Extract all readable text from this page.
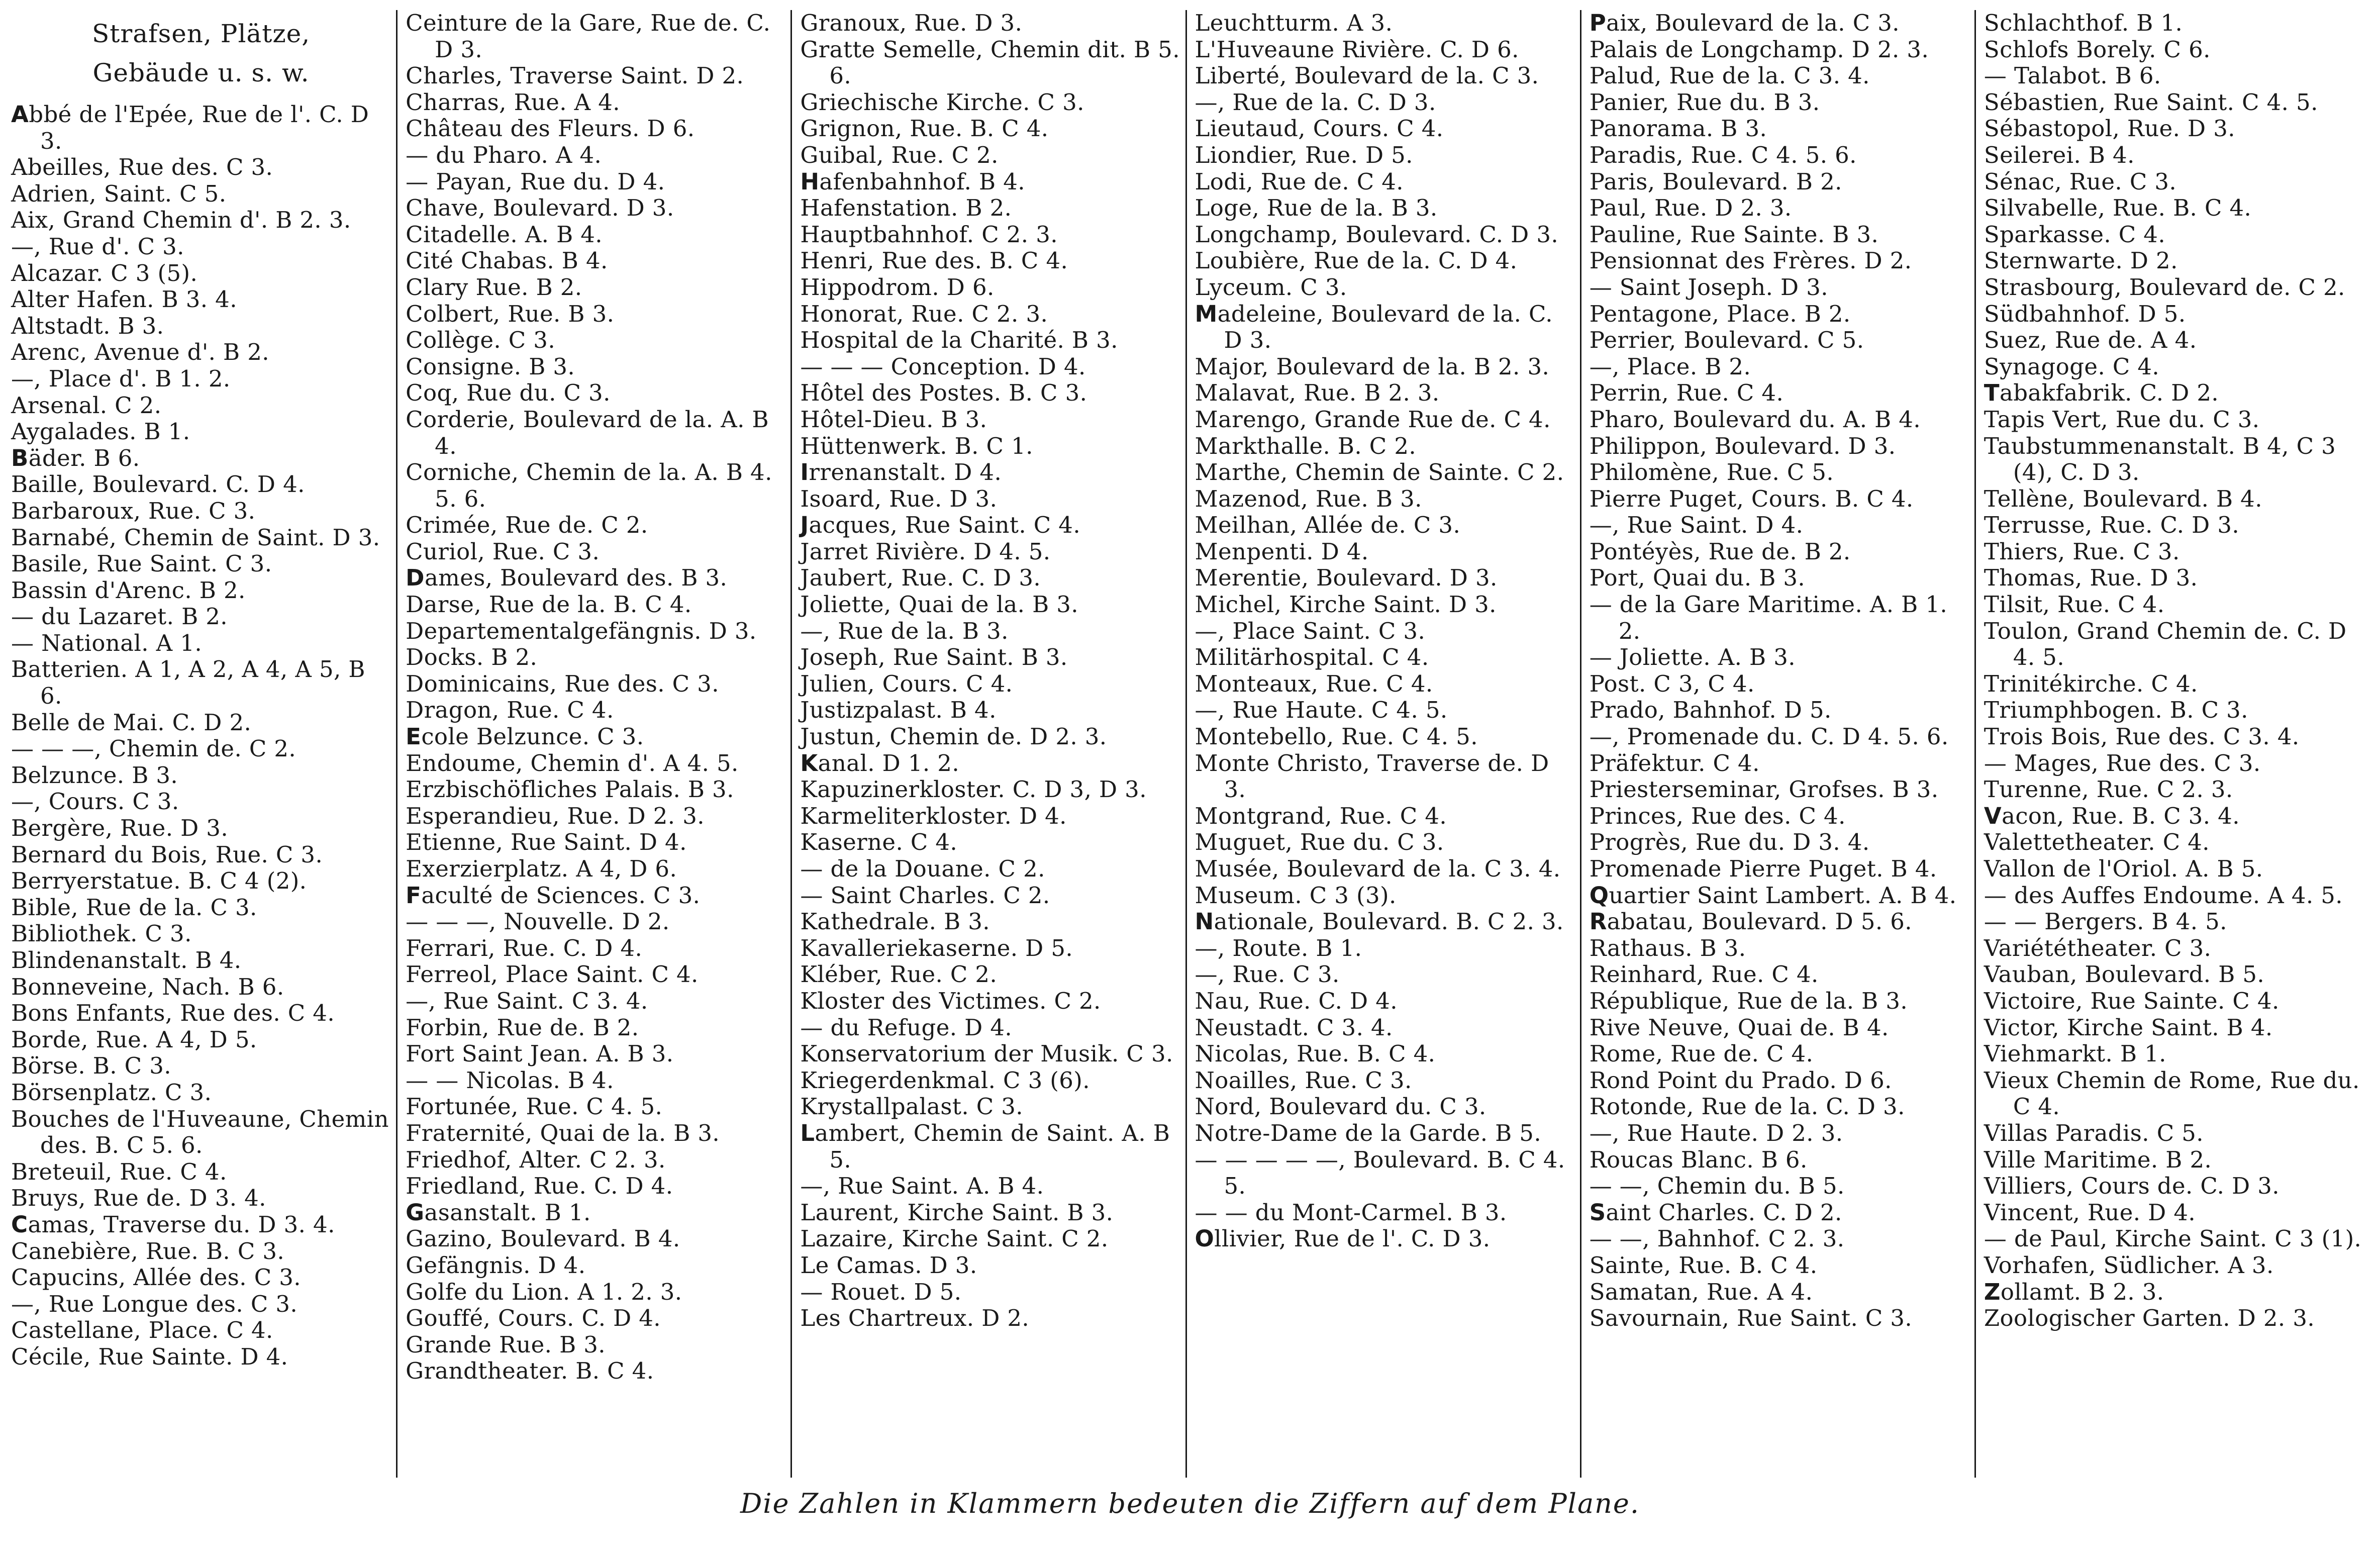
Strafsen, Plätze,
Gebäude u. s. w.
Abbé de l'Epée, Rue de l'. C. D 3.
Abeilles, Rue des. C 3.
Adrien, Saint. C 5.
Aix, Grand Chemin d'. B 2. 3.
—, Rue d'. C 3.
Alcazar. C 3 (5).
Alter Hafen. B 3. 4.
Altstadt. B 3.
Arenc, Avenue d'. B 2.
—, Place d'. B 1. 2.
Arsenal. C 2.
Aygalades. B 1.
Bäder. B 6.
Baille, Boulevard. C. D 4.
Barbaroux, Rue. C 3.
Barnabé, Chemin de Saint. D 3.
Basile, Rue Saint. C 3.
Bassin d'Arenc. B 2.
— du Lazaret. B 2.
— National. A 1.
Batterien. A 1, A 2, A 4, A 5, B 6.
Belle de Mai. C. D 2.
— — —, Chemin de. C 2.
Belzunce. B 3.
—, Cours. C 3.
Bergère, Rue. D 3.
Bernard du Bois, Rue. C 3.
Berryerstatue. B. C 4 (2).
Bible, Rue de la. C 3.
Bibliothek. C 3.
Blindenanstalt. B 4.
Bonneveine, Nach. B 6.
Bons Enfants, Rue des. C 4.
Borde, Rue. A 4, D 5.
Börse. B. C 3.
Börsenplatz. C 3.
Bouches de l'Huveaune, Chemin des. B. C 5. 6.
Breteuil, Rue. C 4.
Bruys, Rue de. D 3. 4.
Camas, Traverse du. D 3. 4.
Canebière, Rue. B. C 3.
Capucins, Allée des. C 3.
—, Rue Longue des. C 3.
Castellane, Place. C 4.
Cécile, Rue Sainte. D 4.
Ceinture de la Gare, Rue de. C. D 3.
Charles, Traverse Saint. D 2.
Charras, Rue. A 4.
Château des Fleurs. D 6.
— du Pharo. A 4.
— Payan, Rue du. D 4.
Chave, Boulevard. D 3.
Citadelle. A. B 4.
Cité Chabas. B 4.
Clary Rue. B 2.
Colbert, Rue. B 3.
Collège. C 3.
Consigne. B 3.
Coq, Rue du. C 3.
Corderie, Boulevard de la. A. B 4.
Corniche, Chemin de la. A. B 4. 5. 6.
Crimée, Rue de. C 2.
Curiol, Rue. C 3.
Dames, Boulevard des. B 3.
Darse, Rue de la. B. C 4.
Departementalgefängnis. D 3.
Docks. B 2.
Dominicains, Rue des. C 3.
Dragon, Rue. C 4.
Ecole Belzunce. C 3.
Endoume, Chemin d'. A 4. 5.
Erzbischöfliches Palais. B 3.
Esperandieu, Rue. D 2. 3.
Etienne, Rue Saint. D 4.
Exerzierplatz. A 4, D 6.
Faculté de Sciences. C 3.
— — —, Nouvelle. D 2.
Ferrari, Rue. C. D 4.
Ferreol, Place Saint. C 4.
—, Rue Saint. C 3. 4.
Forbin, Rue de. B 2.
Fort Saint Jean. A. B 3.
— — Nicolas. B 4.
Fortunée, Rue. C 4. 5.
Fraternité, Quai de la. B 3.
Friedhof, Alter. C 2. 3.
Friedland, Rue. C. D 4.
Gasanstalt. B 1.
Gazino, Boulevard. B 4.
Gefängnis. D 4.
Golfe du Lion. A 1. 2. 3.
Gouffé, Cours. C. D 4.
Grande Rue. B 3.
Grandtheater. B. C 4.
Granoux, Rue. D 3.
Gratte Semelle, Chemin dit. B 5. 6.
Griechische Kirche. C 3.
Grignon, Rue. B. C 4.
Guibal, Rue. C 2.
Hafenbahnhof. B 4.
Hafenstation. B 2.
Hauptbahnhof. C 2. 3.
Henri, Rue des. B. C 4.
Hippodrom. D 6.
Honorat, Rue. C 2. 3.
Hospital de la Charité. B 3.
— — — Conception. D 4.
Hôtel des Postes. B. C 3.
Hôtel-Dieu. B 3.
Hüttenwerk. B. C 1.
Irrenanstalt. D 4.
Isoard, Rue. D 3.
Jacques, Rue Saint. C 4.
Jarret Rivière. D 4. 5.
Jaubert, Rue. C. D 3.
Joliette, Quai de la. B 3.
—, Rue de la. B 3.
Joseph, Rue Saint. B 3.
Julien, Cours. C 4.
Justizpalast. B 4.
Justun, Chemin de. D 2. 3.
Kanal. D 1. 2.
Kapuzinerkloster. C. D 3, D 3.
Karmeliterkloster. D 4.
Kaserne. C 4.
— de la Douane. C 2.
— Saint Charles. C 2.
Kathedrale. B 3.
Kavalleriekaserne. D 5.
Kléber, Rue. C 2.
Kloster des Victimes. C 2.
— du Refuge. D 4.
Konservatorium der Musik. C 3.
Kriegerdenkmal. C 3 (6).
Krystallpalast. C 3.
Lambert, Chemin de Saint. A. B 5.
—, Rue Saint. A. B 4.
Laurent, Kirche Saint. B 3.
Lazaire, Kirche Saint. C 2.
Le Camas. D 3.
— Rouet. D 5.
Les Chartreux. D 2.
Leuchtturm. A 3.
L'Huveaune Rivière. C. D 6.
Liberté, Boulevard de la. C 3.
—, Rue de la. C. D 3.
Lieutaud, Cours. C 4.
Liondier, Rue. D 5.
Lodi, Rue de. C 4.
Loge, Rue de la. B 3.
Longchamp, Boulevard. C. D 3.
Loubière, Rue de la. C. D 4.
Lyceum. C 3.
Madeleine, Boulevard de la. C. D 3.
Major, Boulevard de la. B 2. 3.
Malavat, Rue. B 2. 3.
Marengo, Grande Rue de. C 4.
Markthalle. B. C 2.
Marthe, Chemin de Sainte. C 2.
Mazenod, Rue. B 3.
Meilhan, Allée de. C 3.
Menpenti. D 4.
Merentie, Boulevard. D 3.
Michel, Kirche Saint. D 3.
—, Place Saint. C 3.
Militärhospital. C 4.
Monteaux, Rue. C 4.
—, Rue Haute. C 4. 5.
Montebello, Rue. C 4. 5.
Monte Christo, Traverse de. D 3.
Montgrand, Rue. C 4.
Muguet, Rue du. C 3.
Musée, Boulevard de la. C 3. 4.
Museum. C 3 (3).
Nationale, Boulevard. B. C 2. 3.
—, Route. B 1.
—, Rue. C 3.
Nau, Rue. C. D 4.
Neustadt. C 3. 4.
Nicolas, Rue. B. C 4.
Noailles, Rue. C 3.
Nord, Boulevard du. C 3.
Notre-Dame de la Garde. B 5.
— — — — —, Boulevard. B. C 4. 5.
— — du Mont-Carmel. B 3.
Ollivier, Rue de l'. C. D 3.
Paix, Boulevard de la. C 3.
Palais de Longchamp. D 2. 3.
Palud, Rue de la. C 3. 4.
Panier, Rue du. B 3.
Panorama. B 3.
Paradis, Rue. C 4. 5. 6.
Paris, Boulevard. B 2.
Paul, Rue. D 2. 3.
Pauline, Rue Sainte. B 3.
Pensionnat des Frères. D 2.
— Saint Joseph. D 3.
Pentagone, Place. B 2.
Perrier, Boulevard. C 5.
—, Place. B 2.
Perrin, Rue. C 4.
Pharo, Boulevard du. A. B 4.
Philippon, Boulevard. D 3.
Philomène, Rue. C 5.
Pierre Puget, Cours. B. C 4.
—, Rue Saint. D 4.
Pontéyès, Rue de. B 2.
Port, Quai du. B 3.
— de la Gare Maritime. A. B 1. 2.
— Joliette. A. B 3.
Post. C 3, C 4.
Prado, Bahnhof. D 5.
—, Promenade du. C. D 4. 5. 6.
Präfektur. C 4.
Priesterseminar, Grofses. B 3.
Princes, Rue des. C 4.
Progrès, Rue du. D 3. 4.
Promenade Pierre Puget. B 4.
Quartier Saint Lambert. A. B 4.
Rabatau, Boulevard. D 5. 6.
Rathaus. B 3.
Reinhard, Rue. C 4.
République, Rue de la. B 3.
Rive Neuve, Quai de. B 4.
Rome, Rue de. C 4.
Rond Point du Prado. D 6.
Rotonde, Rue de la. C. D 3.
—, Rue Haute. D 2. 3.
Roucas Blanc. B 6.
— —, Chemin du. B 5.
Saint Charles. C. D 2.
— —, Bahnhof. C 2. 3.
Sainte, Rue. B. C 4.
Samatan, Rue. A 4.
Savournain, Rue Saint. C 3.
Schlachthof. B 1.
Schlofs Borely. C 6.
— Talabot. B 6.
Sébastien, Rue Saint. C 4. 5.
Sébastopol, Rue. D 3.
Seilerei. B 4.
Sénac, Rue. C 3.
Silvabelle, Rue. B. C 4.
Sparkasse. C 4.
Sternwarte. D 2.
Strasbourg, Boulevard de. C 2.
Südbahnhof. D 5.
Suez, Rue de. A 4.
Synagoge. C 4.
Tabakfabrik. C. D 2.
Tapis Vert, Rue du. C 3.
Taubstummenanstalt. B 4, C 3 (4), C. D 3.
Tellène, Boulevard. B 4.
Terrusse, Rue. C. D 3.
Thiers, Rue. C 3.
Thomas, Rue. D 3.
Tilsit, Rue. C 4.
Toulon, Grand Chemin de. C. D 4. 5.
Trinitékirche. C 4.
Triumphbogen. B. C 3.
Trois Bois, Rue des. C 3. 4.
— Mages, Rue des. C 3.
Turenne, Rue. C 2. 3.
Vacon, Rue. B. C 3. 4.
Valettetheater. C 4.
Vallon de l'Oriol. A. B 5.
— des Auffes Endoume. A 4. 5.
— — Bergers. B 4. 5.
Variététheater. C 3.
Vauban, Boulevard. B 5.
Victoire, Rue Sainte. C 4.
Victor, Kirche Saint. B 4.
Viehmarkt. B 1.
Vieux Chemin de Rome, Rue du. C 4.
Villas Paradis. C 5.
Ville Maritime. B 2.
Villiers, Cours de. C. D 3.
Vincent, Rue. D 4.
— de Paul, Kirche Saint. C 3 (1).
Vorhafen, Südlicher. A 3.
Zollamt. B 2. 3.
Zoologischer Garten. D 2. 3.
Die Zahlen in Klammern bedeuten die Ziffern auf dem Plane.
